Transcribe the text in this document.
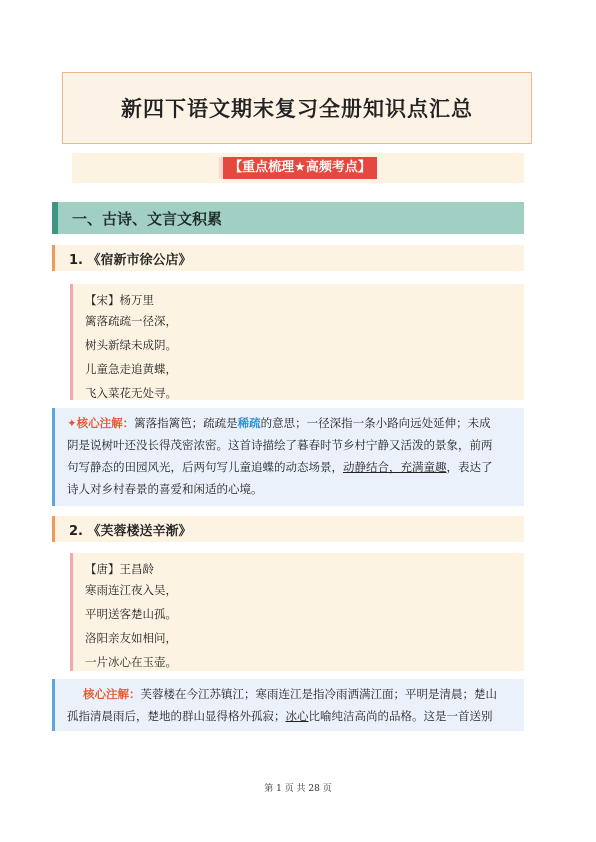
新四下语文期末复习全册知识点汇总
【重点梳理★高频考点】
一、古诗、文言文积累
1. 《宿新市徐公店》
【宋】杨万里
篱落疏疏一径深，
树头新绿未成阴。
儿童急走追黄蝶，
飞入菜花无处寻。
✦核心注解：篱落指篱笆；疏疏是稀疏的意思；一径深指一条小路向远处延伸；未成
阴是说树叶还没长得茂密浓密。这首诗描绘了暮春时节乡村宁静又活泼的景象，前两
句写静态的田园风光，后两句写儿童追蝶的动态场景，动静结合，充满童趣，表达了
诗人对乡村春景的喜爱和闲适的心境。
2. 《芙蓉楼送辛渐》
【唐】王昌龄
寒雨连江夜入吴，
平明送客楚山孤。
洛阳亲友如相问，
一片冰心在玉壶。
核心注解：芙蓉楼在今江苏镇江；寒雨连江是指冷雨洒满江面；平明是清晨；楚山
孤指清晨雨后，楚地的群山显得格外孤寂；冰心比喻纯洁高尚的品格。这是一首送别
第 1 页 共 28 页
